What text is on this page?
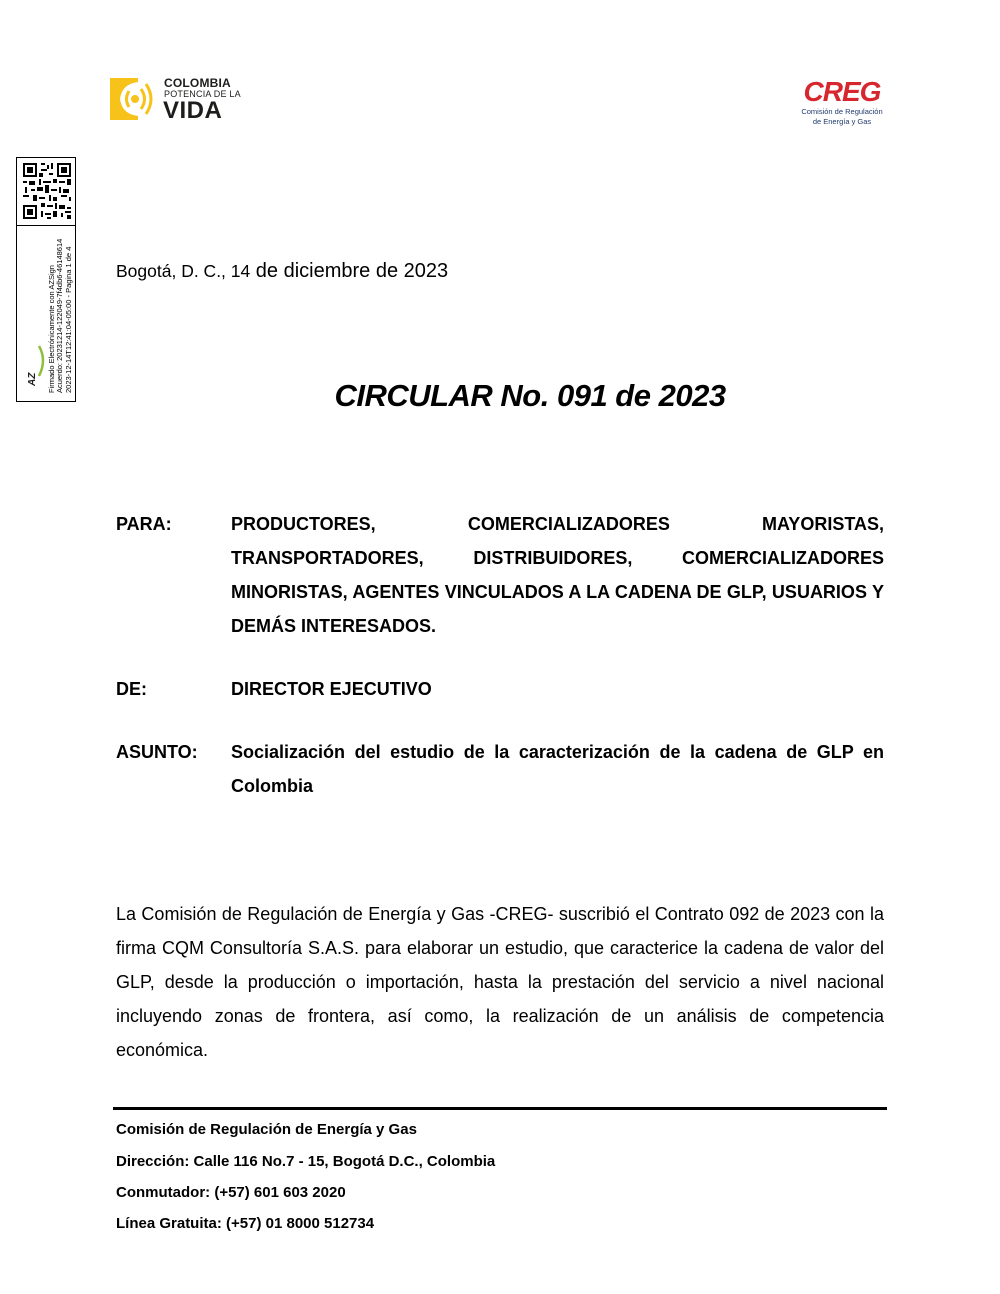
COLOMBIA
POTENCIA DE LA
VIDA
CREG
Comisión de Regulación
de Energía y Gas
Firmado Electrónicamente con AZSign Acuerdo: 20231214-122049-7f4db6-46148614 2023-12-14T12:41:04-05:00 - Pagina 1 de 4
AZ
Bogotá, D. C., 14 de diciembre de 2023
CIRCULAR No. 091 de 2023
PARA:	PRODUCTORES, COMERCIALIZADORES MAYORISTAS, TRANSPORTADORES, DISTRIBUIDORES, COMERCIALIZADORES MINORISTAS, AGENTES VINCULADOS A LA CADENA DE GLP, USUARIOS Y DEMÁS INTERESADOS.
DE:	DIRECTOR EJECUTIVO
ASUNTO: Socialización del estudio de la caracterización de la cadena de GLP en Colombia
La Comisión de Regulación de Energía y Gas -CREG- suscribió el Contrato 092 de 2023 con la firma CQM Consultoría S.A.S. para elaborar un estudio, que caracterice la cadena de valor del GLP, desde la producción o importación, hasta la prestación del servicio a nivel nacional incluyendo zonas de frontera, así como, la realización de un análisis de competencia económica.
Comisión de Regulación de Energía y Gas
Dirección: Calle 116 No.7 - 15, Bogotá D.C., Colombia
Conmutador: (+57) 601 603 2020
Línea Gratuita: (+57) 01 8000 512734
